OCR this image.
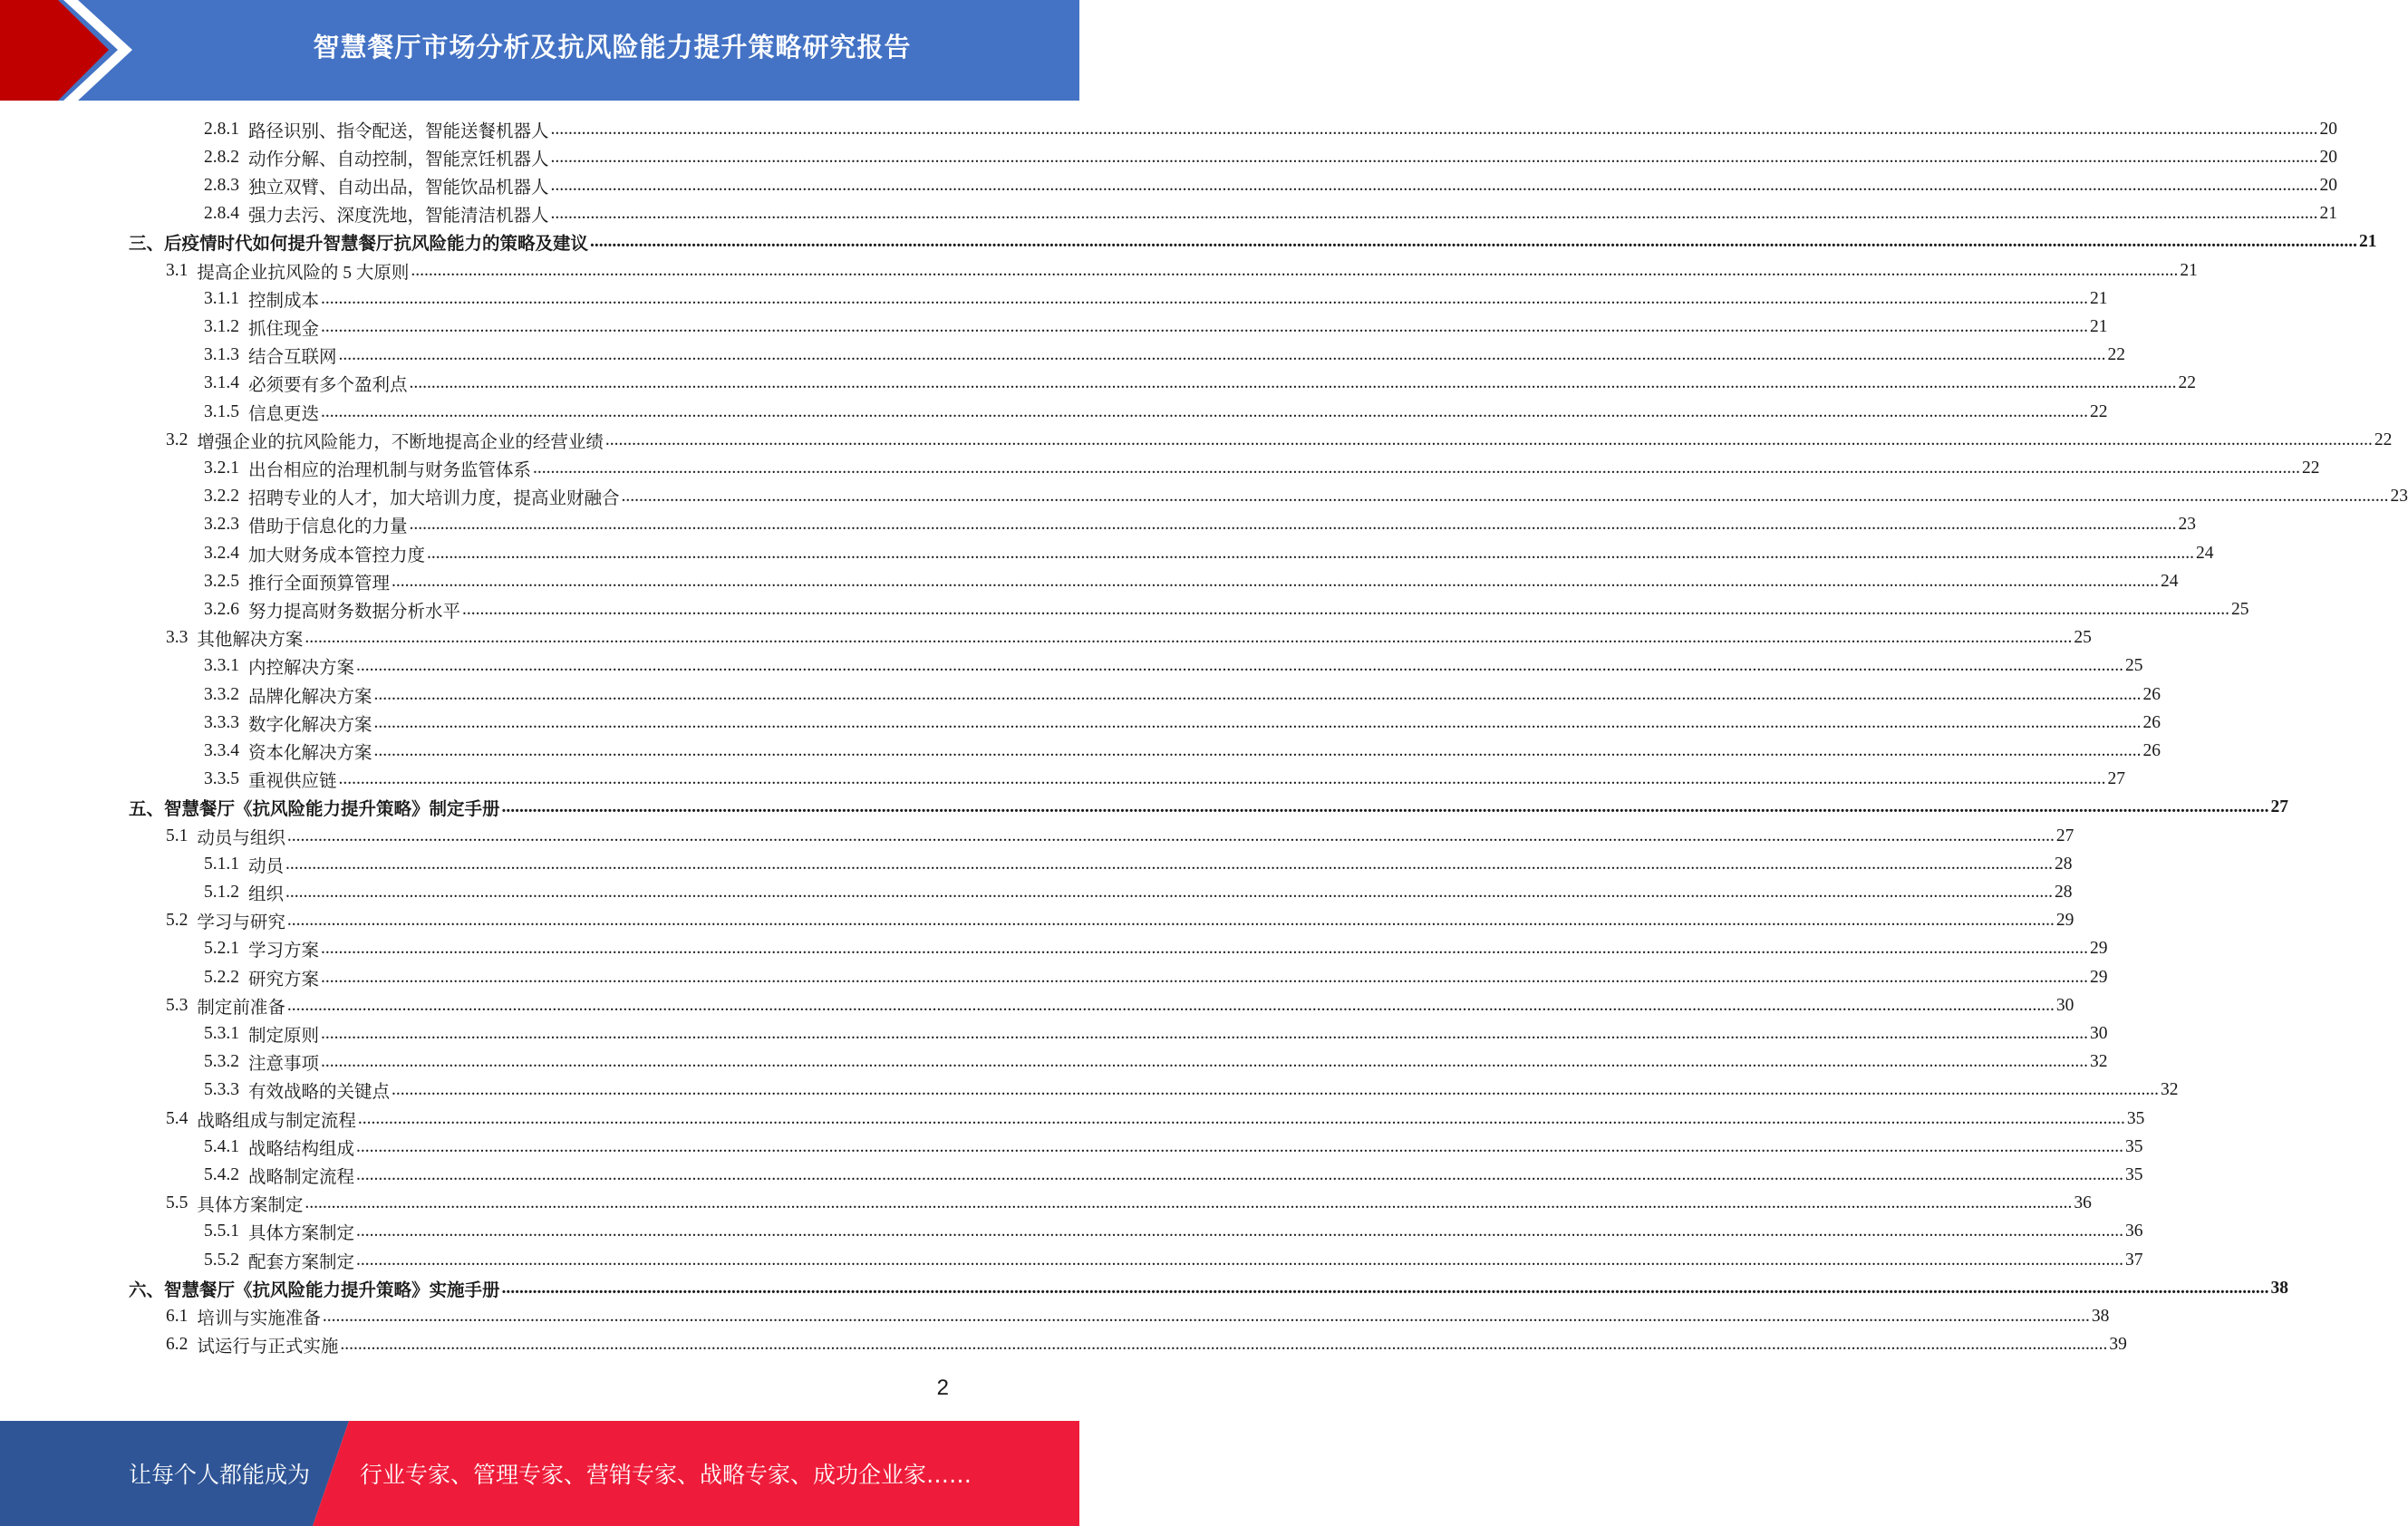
智慧餐厅市场分析及抗风险能力提升策略研究报告
2.8.1 路径识别、指令配送，智能送餐机器人 ................................................................................................................................................................................................................................................................................................................................................................................................................ 20
2.8.2 动作分解、自动控制，智能烹饪机器人 ................................................................................................................................................................................................................................................................................................................................................................................................................ 20
2.8.3 独立双臂、自动出品，智能饮品机器人 ................................................................................................................................................................................................................................................................................................................................................................................................................ 20
2.8.4 强力去污、深度洗地，智能清洁机器人 ................................................................................................................................................................................................................................................................................................................................................................................................................ 21
三、 后疫情时代如何提升智慧餐厅抗风险能力的策略及建议 ................................................................................................................................................................................................................................................................................................................................................................................................................ 21
3.1 提高企业抗风险的 5 大原则 ................................................................................................................................................................................................................................................................................................................................................................................................................ 21
3.1.1 控制成本 ................................................................................................................................................................................................................................................................................................................................................................................................................ 21
3.1.2 抓住现金 ................................................................................................................................................................................................................................................................................................................................................................................................................ 21
3.1.3 结合互联网 ................................................................................................................................................................................................................................................................................................................................................................................................................ 22
3.1.4 必须要有多个盈利点 ................................................................................................................................................................................................................................................................................................................................................................................................................ 22
3.1.5 信息更迭 ................................................................................................................................................................................................................................................................................................................................................................................................................ 22
3.2 增强企业的抗风险能力，不断地提高企业的经营业绩 ................................................................................................................................................................................................................................................................................................................................................................................................................ 22
3.2.1 出台相应的治理机制与财务监管体系 ................................................................................................................................................................................................................................................................................................................................................................................................................ 22
3.2.2 招聘专业的人才，加大培训力度，提高业财融合 ................................................................................................................................................................................................................................................................................................................................................................................................................ 23
3.2.3 借助于信息化的力量 ................................................................................................................................................................................................................................................................................................................................................................................................................ 23
3.2.4 加大财务成本管控力度 ................................................................................................................................................................................................................................................................................................................................................................................................................ 24
3.2.5 推行全面预算管理 ................................................................................................................................................................................................................................................................................................................................................................................................................ 24
3.2.6 努力提高财务数据分析水平 ................................................................................................................................................................................................................................................................................................................................................................................................................ 25
3.3 其他解决方案 ................................................................................................................................................................................................................................................................................................................................................................................................................ 25
3.3.1 内控解决方案 ................................................................................................................................................................................................................................................................................................................................................................................................................ 25
3.3.2 品牌化解决方案 ................................................................................................................................................................................................................................................................................................................................................................................................................ 26
3.3.3 数字化解决方案 ................................................................................................................................................................................................................................................................................................................................................................................................................ 26
3.3.4 资本化解决方案 ................................................................................................................................................................................................................................................................................................................................................................................................................ 26
3.3.5 重视供应链 ................................................................................................................................................................................................................................................................................................................................................................................................................ 27
五、 智慧餐厅《抗风险能力提升策略》制定手册 ................................................................................................................................................................................................................................................................................................................................................................................................................ 27
5.1 动员与组织 ................................................................................................................................................................................................................................................................................................................................................................................................................ 27
5.1.1 动员 ................................................................................................................................................................................................................................................................................................................................................................................................................ 28
5.1.2 组织 ................................................................................................................................................................................................................................................................................................................................................................................................................ 28
5.2 学习与研究 ................................................................................................................................................................................................................................................................................................................................................................................................................ 29
5.2.1 学习方案 ................................................................................................................................................................................................................................................................................................................................................................................................................ 29
5.2.2 研究方案 ................................................................................................................................................................................................................................................................................................................................................................................................................ 29
5.3 制定前准备 ................................................................................................................................................................................................................................................................................................................................................................................................................ 30
5.3.1 制定原则 ................................................................................................................................................................................................................................................................................................................................................................................................................ 30
5.3.2 注意事项 ................................................................................................................................................................................................................................................................................................................................................................................................................ 32
5.3.3 有效战略的关键点 ................................................................................................................................................................................................................................................................................................................................................................................................................ 32
5.4 战略组成与制定流程 ................................................................................................................................................................................................................................................................................................................................................................................................................ 35
5.4.1 战略结构组成 ................................................................................................................................................................................................................................................................................................................................................................................................................ 35
5.4.2 战略制定流程 ................................................................................................................................................................................................................................................................................................................................................................................................................ 35
5.5 具体方案制定 ................................................................................................................................................................................................................................................................................................................................................................................................................ 36
5.5.1 具体方案制定 ................................................................................................................................................................................................................................................................................................................................................................................................................ 36
5.5.2 配套方案制定 ................................................................................................................................................................................................................................................................................................................................................................................................................ 37
六、 智慧餐厅《抗风险能力提升策略》实施手册 ................................................................................................................................................................................................................................................................................................................................................................................................................ 38
6.1 培训与实施准备 ................................................................................................................................................................................................................................................................................................................................................................................................................ 38
6.2 试运行与正式实施 ................................................................................................................................................................................................................................................................................................................................................................................................................ 39
2
让每个人都能成为 行业专家、管理专家、营销专家、战略专家、成功企业家……
